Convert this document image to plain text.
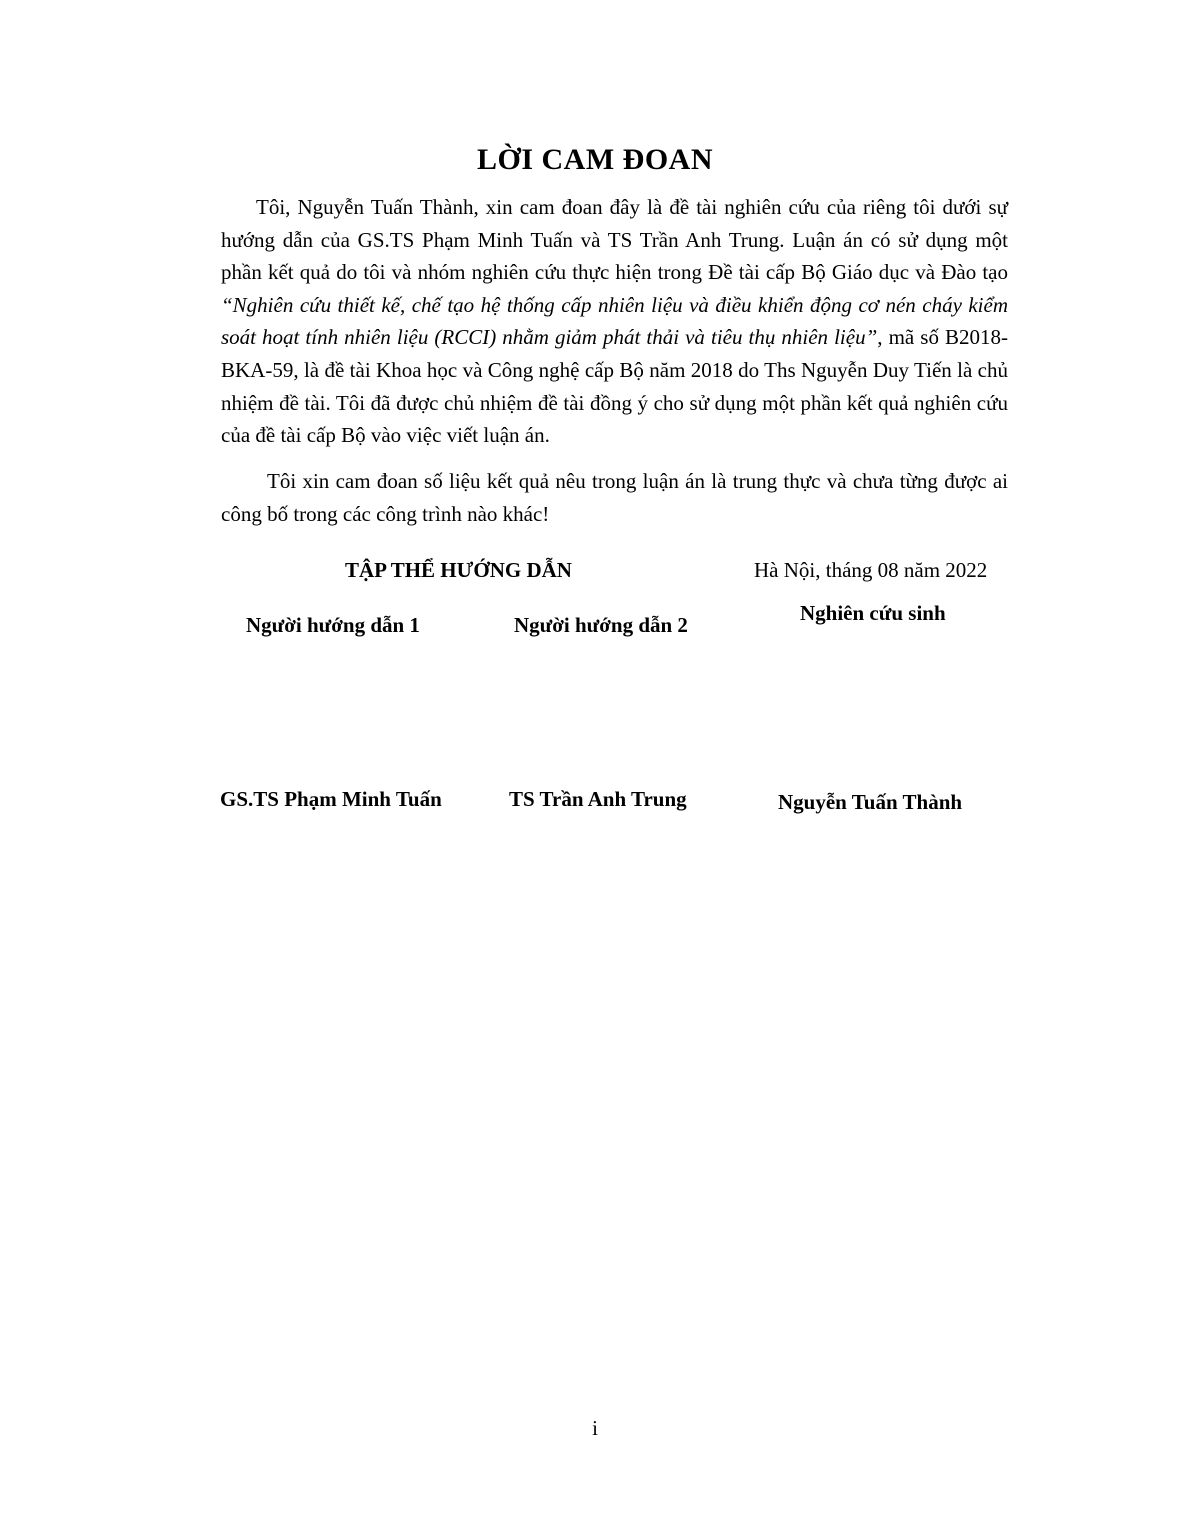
LỜI CAM ĐOAN

Tôi, Nguyễn Tuấn Thành, xin cam đoan đây là đề tài nghiên cứu của riêng tôi dưới sự hướng dẫn của GS.TS Phạm Minh Tuấn và TS Trần Anh Trung. Luận án có sử dụng một phần kết quả do tôi và nhóm nghiên cứu thực hiện trong Đề tài cấp Bộ Giáo dục và Đào tạo “Nghiên cứu thiết kế, chế tạo hệ thống cấp nhiên liệu và điều khiển động cơ nén cháy kiểm soát hoạt tính nhiên liệu (RCCI) nhằm giảm phát thải và tiêu thụ nhiên liệu”, mã số B2018-BKA-59, là đề tài Khoa học và Công nghệ cấp Bộ năm 2018 do Ths Nguyễn Duy Tiến là chủ nhiệm đề tài. Tôi đã được chủ nhiệm đề tài đồng ý cho sử dụng một phần kết quả nghiên cứu của đề tài cấp Bộ vào việc viết luận án.

Tôi xin cam đoan số liệu kết quả nêu trong luận án là trung thực và chưa từng được ai công bố trong các công trình nào khác!

TẬP THỂ HƯỚNG DẪN	Hà Nội, tháng 08 năm 2022
Người hướng dẫn 1	Người hướng dẫn 2	Nghiên cứu sinh
GS.TS Phạm Minh Tuấn	TS Trần Anh Trung	Nguyễn Tuấn Thành
i
